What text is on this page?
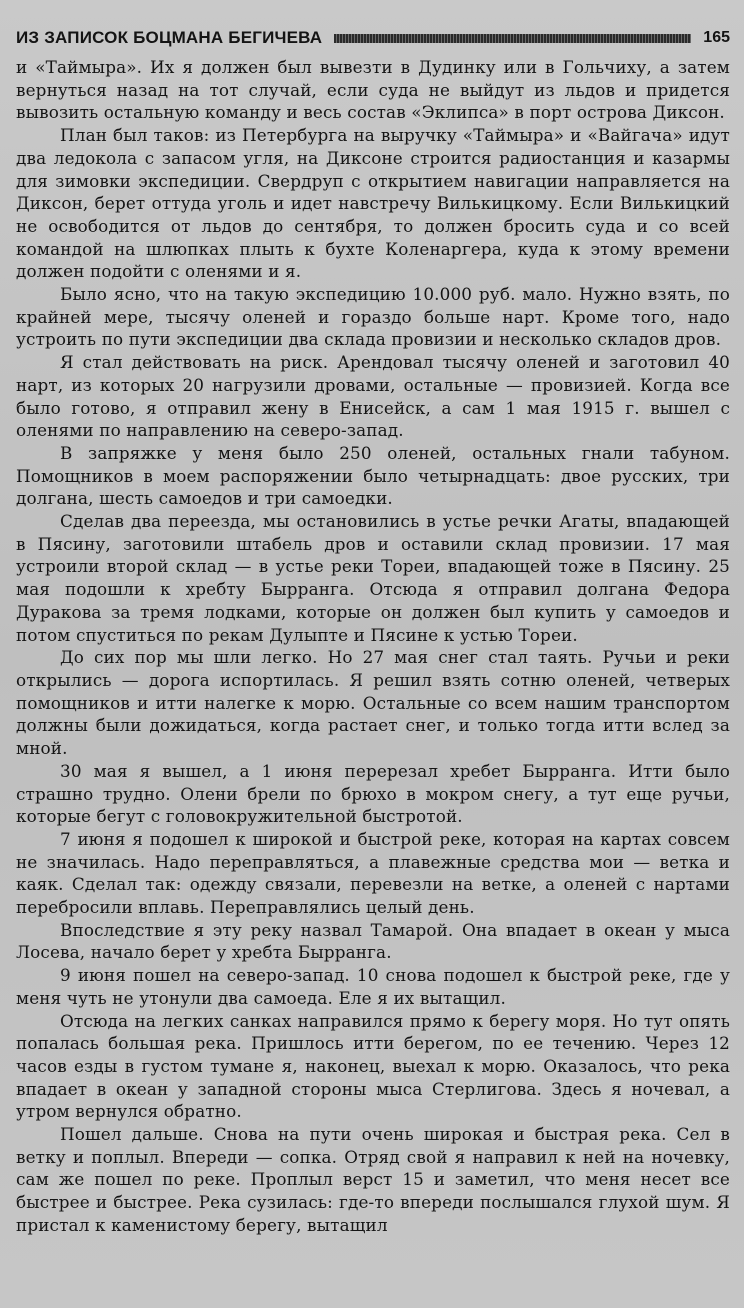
ИЗ ЗАПИСОК БОЦМАНА БЕГИЧЕВА	165

и «Таймыра». Их я должен был вывезти в Дудинку или в Гольчиху, а затем вернуться назад на тот случай, если суда не выйдут из льдов и придется вывозить остальную команду и весь состав «Эклипса» в порт острова Диксон.

План был таков: из Петербурга на выручку «Таймыра» и «Вайгача» идут два ледокола с запасом угля, на Диксоне строится радиостанция и казармы для зимовки экспедиции. Свердруп с открытием навигации направляется на Диксон, берет оттуда уголь и идет навстречу Вилькицкому. Если Вилькицкий не освободится от льдов до сентября, то должен бросить суда и со всей командой на шлюпках плыть к бухте Коленаргера, куда к этому времени должен подойти с оленями и я.

Было ясно, что на такую экспедицию 10.000 руб. мало. Нужно взять, по крайней мере, тысячу оленей и гораздо больше нарт. Кроме того, надо устроить по пути экспедиции два склада провизии и несколько складов дров.

Я стал действовать на риск. Арендовал тысячу оленей и заготовил 40 нарт, из которых 20 нагрузили дровами, остальные — провизией. Когда все было готово, я отправил жену в Енисейск, а сам 1 мая 1915 г. вышел с оленями по направлению на северо-запад.

В запряжке у меня было 250 оленей, остальных гнали табуном. Помощников в моем распоряжении было четырнадцать: двое русских, три долгана, шесть самоедов и три самоедки.

Сделав два переезда, мы остановились в устье речки Агаты, впадающей в Пясину, заготовили штабель дров и оставили склад провизии. 17 мая устроили второй склад — в устье реки Тореи, впадающей тоже в Пясину. 25 мая подошли к хребту Бырранга. Отсюда я отправил долгана Федора Дуракова за тремя лодками, которые он должен был купить у самоедов и потом спуститься по рекам Дулыпте и Пясине к устью Тореи.

До сих пор мы шли легко. Но 27 мая снег стал таять. Ручьи и реки открылись — дорога испортилась. Я решил взять сотню оленей, четверых помощников и итти налегке к морю. Остальные со всем нашим транспортом должны были дожидаться, когда растает снег, и только тогда итти вслед за мной.

30 мая я вышел, а 1 июня перерезал хребет Бырранга. Итти было страшно трудно. Олени брели по брюхо в мокром снегу, а тут еще ручьи, которые бегут с головокружительной быстротой.

7 июня я подошел к широкой и быстрой реке, которая на картах совсем не значилась. Надо переправляться, а плавежные средства мои — ветка и каяк. Сделал так: одежду связали, перевезли на ветке, а оленей с нартами перебросили вплавь. Переправлялись целый день.

Впоследствие я эту реку назвал Тамарой. Она впадает в океан у мыса Лосева, начало берет у хребта Бырранга.

9 июня пошел на северо-запад. 10 снова подошел к быстрой реке, где у меня чуть не утонули два самоеда. Еле я их вытащил.

Отсюда на легких санках направился прямо к берегу моря. Но тут опять попалась большая река. Пришлось итти берегом, по ее течению. Через 12 часов езды в густом тумане я, наконец, выехал к морю. Оказалось, что река впадает в океан у западной стороны мыса Стерлигова. Здесь я ночевал, а утром вернулся обратно.

Пошел дальше. Снова на пути очень широкая и быстрая река. Сел в ветку и поплыл. Впереди — сопка. Отряд свой я направил к ней на ночевку, сам же пошел по реке. Проплыл верст 15 и заметил, что меня несет все быстрее и быстрее. Река сузилась: где-то впереди послышался глухой шум. Я пристал к каменистому берегу, вытащил
